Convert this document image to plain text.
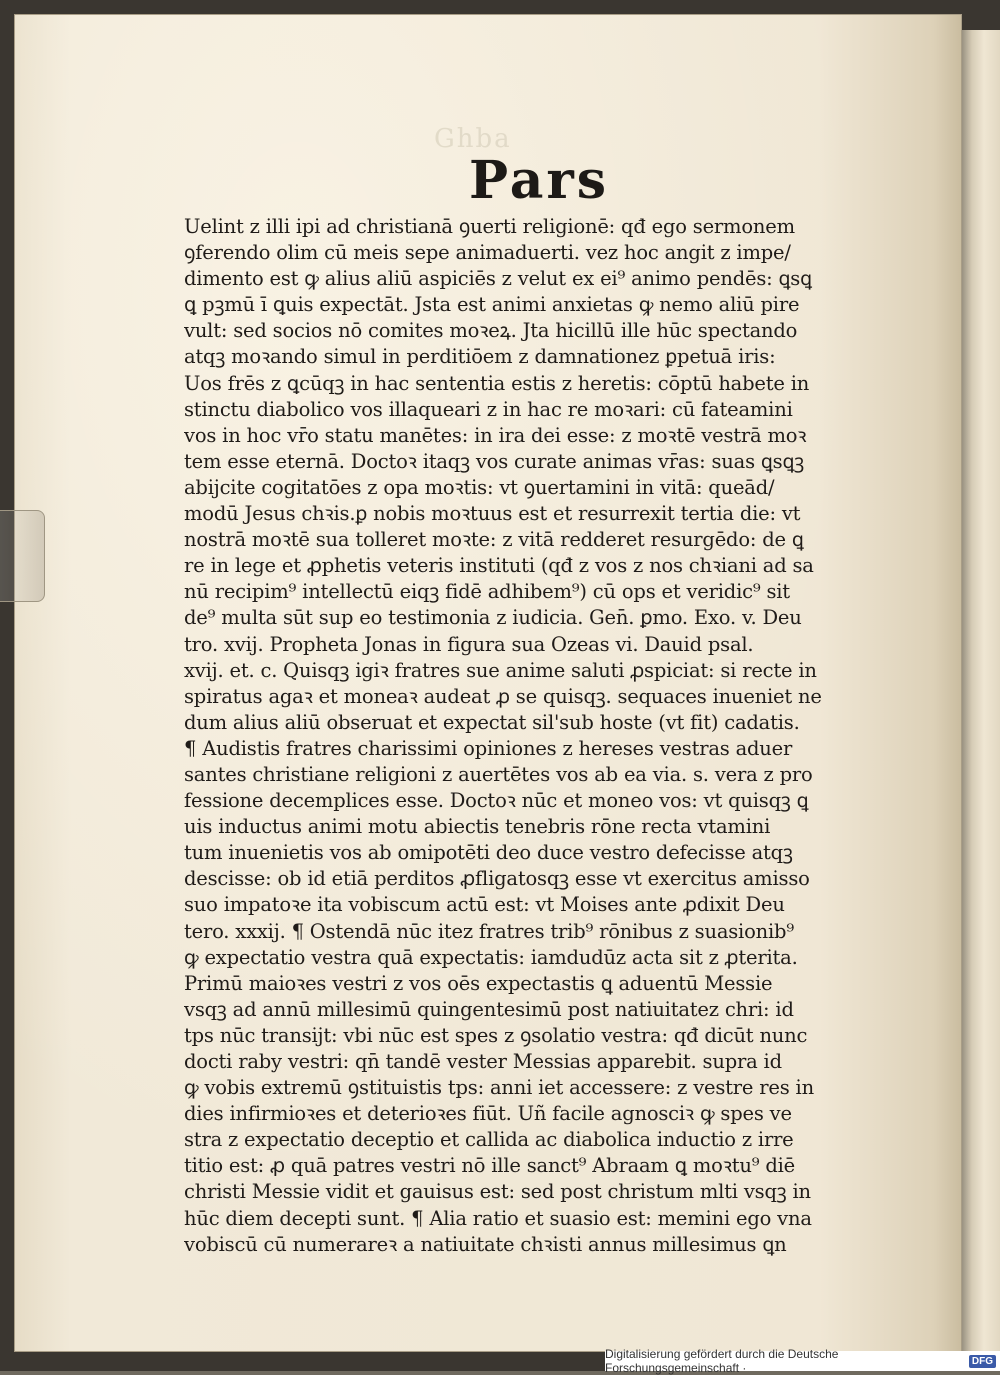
Ghba
Pars
Uelint z illi ipi ad christianā ꝯuerti religionē: qđ ego sermonem
ꝯferendo olim cū meis sepe animaduerti. vez hoc angit z impe/
dimento est ꝙ alius aliū aspiciēs z velut ex ei⁹ animo pendēs: ꝗsꝗ
ꝗ pꝫmū ī ꝗuis expectāt. Jsta est animi anxietas ꝙ nemo aliū pire
vult: sed socios nō comites moꝛeꝝ. Jta hicillū ille hūc spectando
atqꝫ moꝛando simul in perditiōem z damnationez ꝑpetuā iris:
Uos frēs z ꝗcūqꝫ in hac sententia estis z heretis: cōptū habete in
stinctu diabolico vos illaqueari z in hac re moꝛari: cū fateamini
vos in hoc vr̄o statu manētes: in ira dei esse: z moꝛtē vestrā moꝛ
tem esse eternā. Doctoꝛ itaqꝫ vos curate animas vr̄as: suas ꝗsꝗꝫ
abijcite cogitatōes z opa moꝛtis: vt ꝯuertamini in vitā: queād/
modū Jesus chꝛis.ꝑ nobis moꝛtuus est et resurrexit tertia die: vt
nostrā moꝛtē sua tolleret moꝛte: z vitā redderet resurgēdo: de ꝗ
re in lege et ꝓphetis veteris instituti (qđ z vos z nos chꝛiani ad sa
nū recipim⁹ intellectū eiqꝫ fidē adhibem⁹) cū ops et veridic⁹ sit
de⁹ multa sūt sup eo testimonia z iudicia. Gen̄. ꝑmo. Exo. v. Deu
tro. xvij. Propheta Jonas in figura sua Ozeas vi. Dauid psal.
xvij. et. c. Quisqꝫ igiꝛ fratres sue anime saluti ꝓspiciat: si recte in
spiratus agaꝛ et moneaꝛ audeat ꝓ se quisqꝫ. sequaces inueniet ne
dum alius aliū obseruat et expectat sil'sub hoste (vt fit) cadatis.
¶ Audistis fratres charissimi opiniones z hereses vestras aduer
santes christiane religioni z auertētes vos ab ea via. s. vera z pro
fessione decemplices esse. Doctoꝛ nūc et moneo vos: vt quisqꝫ ꝗ
uis inductus animi motu abiectis tenebris rōne recta vtamini
tum inuenietis vos ab omipotēti deo duce vestro defecisse atqꝫ
descisse: ob id etiā perditos ꝓfligatosqꝫ esse vt exercitus amisso
suo impatoꝛe ita vobiscum actū est: vt Moises ante ꝓdixit Deu
tero. xxxij. ¶ Ostendā nūc itez fratres trib⁹ rōnibus z suasionib⁹
ꝙ expectatio vestra quā expectatis: iamdudūz acta sit z ꝓterita.
Primū maioꝛes vestri z vos oēs expectastis ꝗ aduentū Messie
vsqꝫ ad annū millesimū quingentesimū post natiuitatez chri: id
tps nūc transijt: vbi nūc est spes z ꝯsolatio vestra: qđ dicūt nunc
docti raby vestri: qn̄ tandē vester Messias apparebit. supra id
ꝙ vobis extremū ꝯstituistis tps: anni iet accessere: z vestre res in
dies infirmioꝛes et deterioꝛes fiūt. Uñ facile agnosciꝛ ꝙ spes ve
stra z expectatio deceptio et callida ac diabolica inductio z irre
titio est: ꝓ quā patres vestri nō ille sanct⁹ Abraam ꝗ moꝛtu⁹ diē
christi Messie vidit et gauisus est: sed post christum mlti vsqꝫ in
hūc diem decepti sunt. ¶ Alia ratio et suasio est: memini ego vna
vobiscū cū numerareꝛ a natiuitate chꝛisti annus millesimus ꝗn
Digitalisierung gefördert durch die Deutsche Forschungsgemeinschaft ·	DFG
